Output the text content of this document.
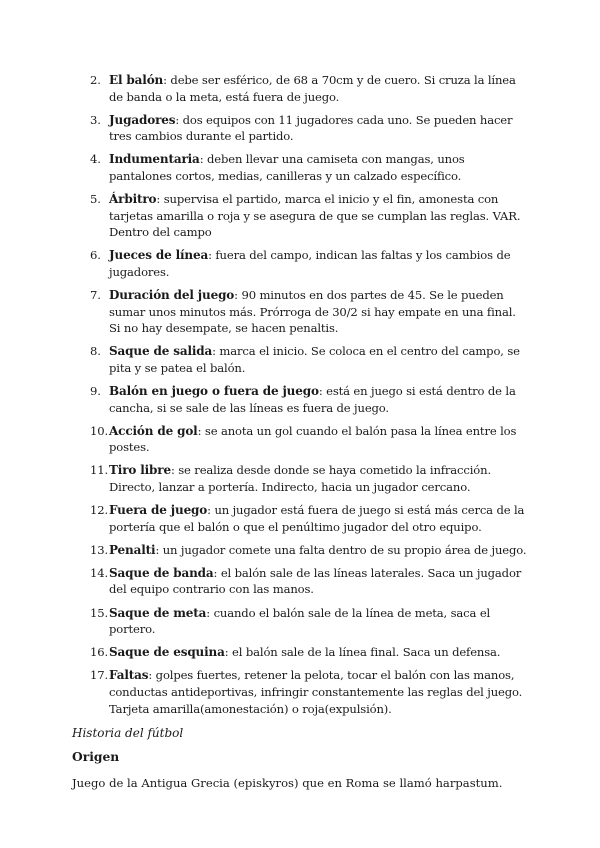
2. El balón: debe ser esférico, de 68 a 70cm y de cuero. Si cruza la línea de banda o la meta, está fuera de juego.
3. Jugadores: dos equipos con 11 jugadores cada uno. Se pueden hacer tres cambios durante el partido.
4. Indumentaria: deben llevar una camiseta con mangas, unos pantalones cortos, medias, canilleras y un calzado específico.
5. Árbitro: supervisa el partido, marca el inicio y el fin, amonesta con tarjetas amarilla o roja y se asegura de que se cumplan las reglas. VAR. Dentro del campo
6. Jueces de línea: fuera del campo, indican las faltas y los cambios de jugadores.
7. Duración del juego: 90 minutos en dos partes de 45. Se le pueden sumar unos minutos más. Prórroga de 30/2 si hay empate en una final. Si no hay desempate, se hacen penaltis.
8. Saque de salida: marca el inicio. Se coloca en el centro del campo, se pita y se patea el balón.
9. Balón en juego o fuera de juego: está en juego si está dentro de la cancha, si se sale de las líneas es fuera de juego.
10. Acción de gol: se anota un gol cuando el balón pasa la línea entre los postes.
11. Tiro libre: se realiza desde donde se haya cometido la infracción. Directo, lanzar a portería. Indirecto, hacia un jugador cercano.
12. Fuera de juego: un jugador está fuera de juego si está más cerca de la portería que el balón o que el penúltimo jugador del otro equipo.
13. Penalti: un jugador comete una falta dentro de su propio área de juego.
14. Saque de banda: el balón sale de las líneas laterales. Saca un jugador del equipo contrario con las manos.
15. Saque de meta: cuando el balón sale de la línea de meta, saca el portero.
16. Saque de esquina: el balón sale de la línea final. Saca un defensa.
17. Faltas: golpes fuertes, retener la pelota, tocar el balón con las manos, conductas antideportivas, infringir constantemente las reglas del juego. Tarjeta amarilla(amonestación) o roja(expulsión).
Historia del fútbol
Origen
Juego de la Antigua Grecia (episkyros) que en Roma se llamó harpastum.
